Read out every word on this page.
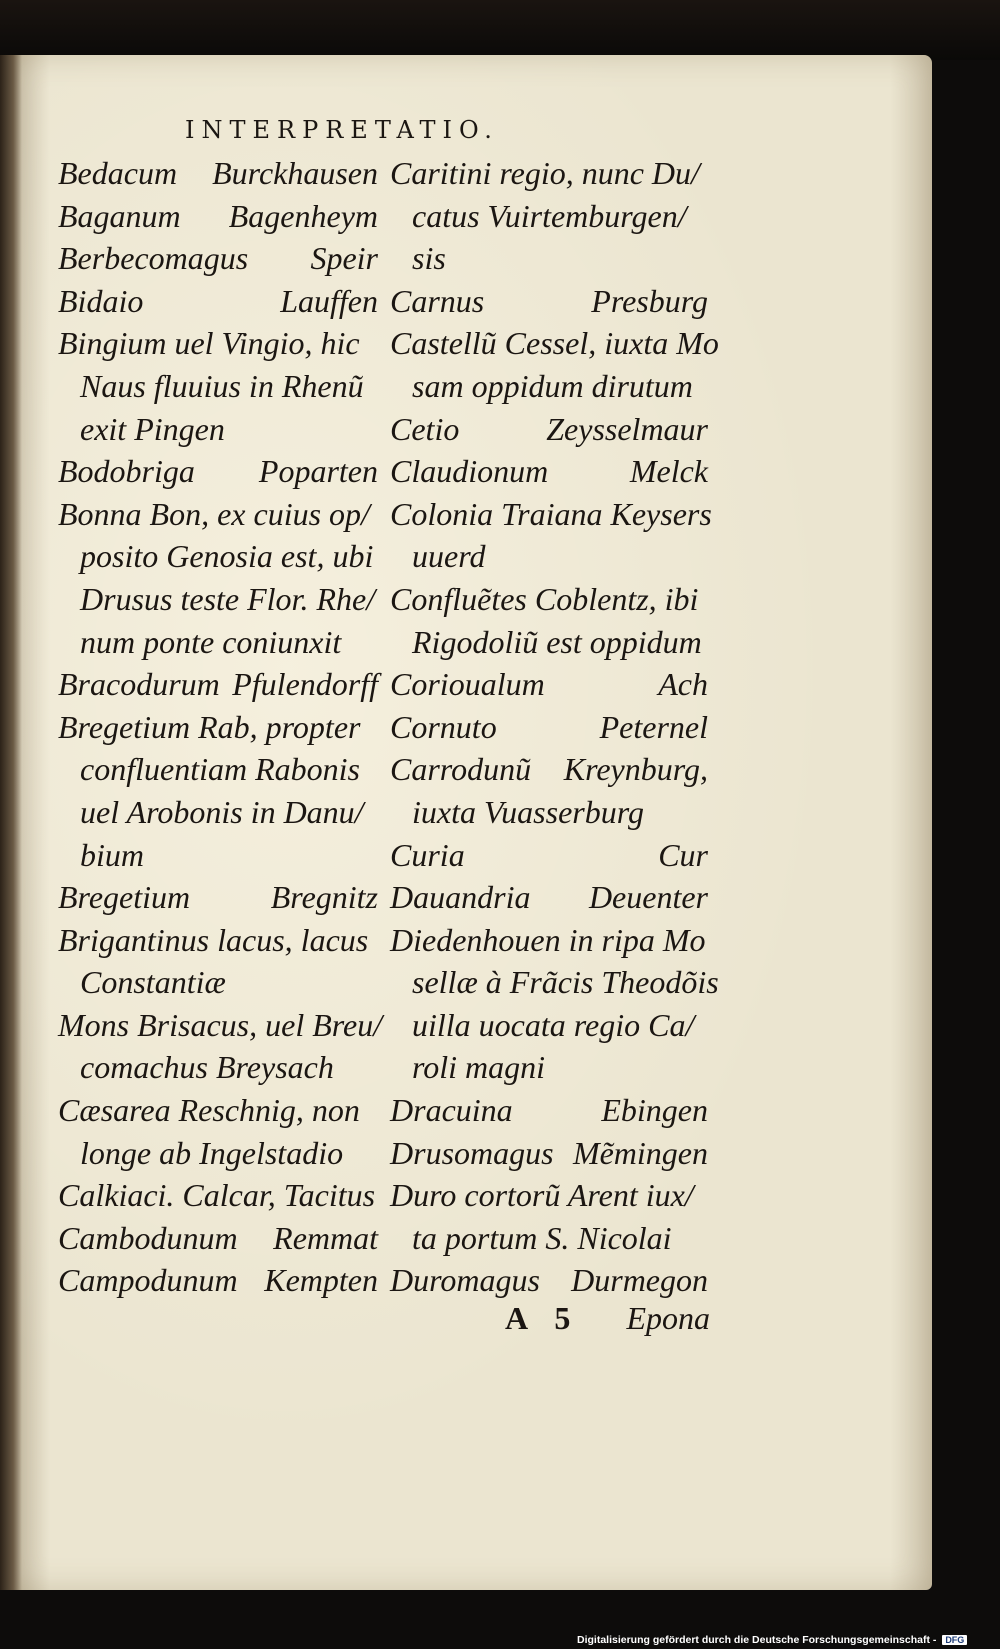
INTERPRETATIO.
Bedacum Burckhausen
Baganum Bagenheym
Berbecomagus Speir
Bidaio	Lauffen
Bingium uel Vingio, hic
Naus fluuius in Rhenũ
exit Pingen
Bodobriga Poparten
Bonna Bon, ex cuius op/
posito Genosia est, ubi
Drusus teste Flor. Rhe/
num ponte coniunxit
Bracodurum Pfulendorff
Bregetium Rab, propter
confluentiam Rabonis
uel Arobonis in Danu/
bium
Bregetium	Bregnitz
Brigantinus lacus, lacus
Constantiæ
Mons Brisacus, uel Breu/
comachus Breysach
Cæsarea Reschnig, non
longe ab Ingelstadio
Calkiaci. Calcar, Tacitus
Cambodunum Remmat
Campodunum Kempten
Caritini regio, nunc Du/
catus Vuirtemburgen/
sis
Carnus	Presburg
Castellũ Cessel, iuxta Mo
sam oppidum dirutum
Cetio	Zeysselmaur
Claudionum	Melck
Colonia Traiana Keysers
uuerd
Confluẽtes Coblentz, ibi
Rigodoliũ est oppidum
Corioualum	Ach
Cornuto	Peternel
Carrodunũ Kreynburg,
iuxta Vuasserburg
Curia	Cur
Dauandria Deuenter
Diedenhouen in ripa Mo
sellæ à Frãcis Theodõis
uilla uocata regio Ca/
roli magni
Dracuina	Ebingen
Drusomagus Mẽmingen
Duro cortorũ Arent iux/
ta portum S. Nicolai
Duromagus Durmegon
A 5 Epona
Digitalisierung gefördert durch die Deutsche Forschungsgemeinschaft - DFG
